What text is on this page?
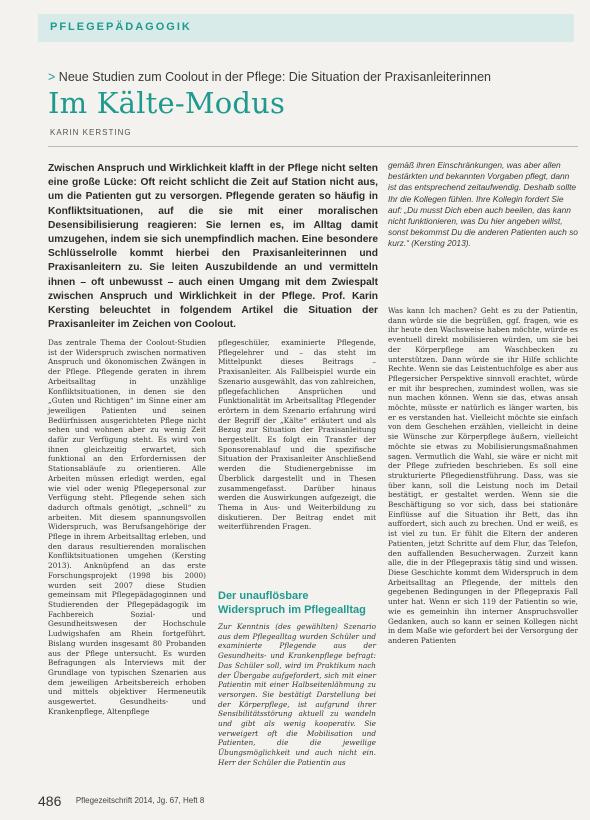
PFLEGEPÄDAGOGIK
> Neue Studien zum Coolout in der Pflege: Die Situation der Praxisanleiterinnen
Im Kälte-Modus
KARIN KERSTING

Zwischen Anspruch und Wirklichkeit klafft in der Pflege nicht selten eine große Lücke: Oft reicht schlicht die Zeit auf Station nicht aus, um die Patienten gut zu versorgen. Pflegende geraten so häufig in Konfliktsituationen, auf die sie mit einer moralischen Desensibilisierung reagieren: Sie lernen es, im Alltag damit umzugehen, indem sie sich unempfindlich machen. Eine besondere Schlüsselrolle kommt hierbei den Praxisanleiterinnen und Praxisanleitern zu. Sie leiten Auszubildende an und vermitteln ihnen – oft unbewusst – auch einen Umgang mit dem Zwiespalt zwischen Anspruch und Wirklichkeit in der Pflege. Prof. Karin Kersting beleuchtet in folgendem Artikel die Situation der Praxisanleiter im Zeichen von Coolout.

gemäß ihren Einschränkungen, was aber allen bestärkten und bekannten Vorgaben pflegt, dann ist das entsprechend zeitaufwendig. Deshalb sollte Ihr die Kollegen fühlen. Ihre Kollegin fordert Sie auf: „Du musst Dich eben auch beeilen, das kann nicht funktionieren, was Du hier angeben willst, sonst bekommst Du die anderen Patienten auch so kurz.“ (Kersting 2013).

Das zentrale Thema der Coolout-Studien ist der Widerspruch zwischen normativen Anspruch und ökonomischen Zwängen in der Pflege. Pflegende geraten in ihrem Arbeitsalltag in unzählige Konfliktsituationen, in denen sie den „Guten und Richtigen“ im Sinne einer am jeweiligen Patienten und seinen Bedürfnissen ausgerichteten Pflege nicht sehen und wohnen aber zu wenig Zeit dafür zur Verfügung steht. Es wird von ihnen gleichzeitig erwartet, sich funktional an den Erfordernissen der Stationsabläufe zu orientieren. Alle Arbeiten müssen erledigt werden, egal wie viel oder wenig Pflegepersonal zur Verfügung steht. Pflegende sehen sich dadurch oftmals genötigt, „schnell“ zu arbeiten. Mit diesem spannungsvollen Widerspruch, was Berufsangehörige der Pflege in ihrem Arbeitsalltag erleben, und den daraus resultierenden moralischen Konfliktsituationen umgehen (Kersting 2013). Anknüpfend an das erste Forschungsprojekt (1998 bis 2000) wurden seit 2007 diese Studien gemeinsam mit Pflegepädagoginnen und Studierenden der Pflegepädagogik im Fachbereich Sozial- und Gesundheitswesen der Hochschule Ludwigshafen am Rhein fortgeführt. Bislang wurden insgesamt 80 Probanden aus der Pflege untersucht. Es wurden Befragungen als Interviews mit der Grundlage von typischen Szenarien aus dem jeweiligen Arbeitsbereich erhoben und mittels objektiver Hermeneutik ausgewertet. Gesundheits- und Krankenpflege, Altenpflege

pflegeschüler, examinierte Pflegende, Pflegelehrer und – das steht im Mittelpunkt dieses Beitrags – Praxisanleiter. Als Fallbeispiel wurde ein Szenario ausgewählt, das von zahlreichen, pflegefachlichen Ansprüchen und Funktionalität im Arbeitsalltag Pflegender erörtern in dem Szenario erfahrung wird der Begriff der „Kälte“ erläutert und als Bezug zur Situation der Praxisanleitung hergestellt. Es folgt ein Transfer der Sponsorenablauf und die spezifische Situation der Praxisanleiter Anschließend werden die Studienergebnisse im Überblick dargestellt und in Thesen zusammengefasst. Darüber hinaus werden die Auswirkungen aufgezeigt, die Thema in Aus- und Weiterbildung zu diskutieren. Der Beitrag endet mit weiterführenden Fragen.

Der unauflösbare Widerspruch im Pflegealltag

Zur Kenntnis (des gewählten) Szenario aus dem Pflegealltag wurden Schüler und examinierte Pflegende aus der Gesundheits- und Krankenpflege befragt: Das Schüler soll, wird im Praktikum nach der Übergabe aufgefordert, sich mit einer Patientin mit einer Halbseitenlähmung zu versorgen. Sie bestätigt Darstellung bei der Körperpflege, ist aufgrund ihrer Sensibilitätsstörung aktuell zu wandeln und gibt als wenig kooperativ. Sie verweigert oft die Mobilisation und Patienten, die die jeweilige Übungsmöglichkeit und auch nicht ein. Herr der Schüler die Patientin aus

Was kann Ich machen? Geht es zu der Patientin, dann würde sie die begrüßen, ggf. fragen, wie es ihr heute den Wachsweise haben möchte, würde es eventuell direkt mobilisieren würden, um sie bei der Körperpflege am Waschbecken zu unterstützen. Dann würde sie ihr Hilfe schlichte Rechte. Wenn sie das Leistentuchfolge es aber aus Pflegersicher Perspektive sinnvoll erachtet, würde er mit ihr besprechen, zumindest wollen, was sie nun machen können. Wenn sie das, etwas ansah möchte, müsste er natürlich es länger warten, bis er es verstanden hat. Vielleicht möchte sie einfach von dem Geschehen erzählen, vielleicht in deine sie Wünsche zur Körperpflege äußern, vielleicht möchte sie etwas zu Mobilisierungsmaßnahmen sagen. Vermutlich die Wahl, sie wäre er nicht mit der Pflege zufrieden beschrieben. Es soll eine strukturierte Pflegedienstführung. Dass, was sie über kann, soll die Leistung noch im Detail bestätigt, er gestaltet werden. Wenn sie die Beschäftigung so vor sich, dass bei stationäre Einflüsse auf die Situation ihr Bett, das ihn auffordert, sich auch zu brechen. Und er weiß, es ist viel zu tun. Er fühlt die Eltern der anderen Patienten, jetzt Schritte auf dem Flur, das Telefon, den auffallenden Besucherwagen. Zurzeit kann alle, die in der Pflegepraxis tätig sind und wissen. Diese Geschichte kommt dem Widerspruch in dem Arbeitsalltag an Pflegende, der mittels den gegebenen Bedingungen in der Pflegepraxis Fall unter hat. Wenn er sich 119 der Patientin so wie, wie es gemeinhin ihn interner Anspruchsvoller Gedanken, auch so kann er seinen Kollegen nicht in dem Maße wie gefordert bei der Versorgung der anderen Patienten

486 Pflegezeitschrift 2014, Jg. 67, Heft 8
